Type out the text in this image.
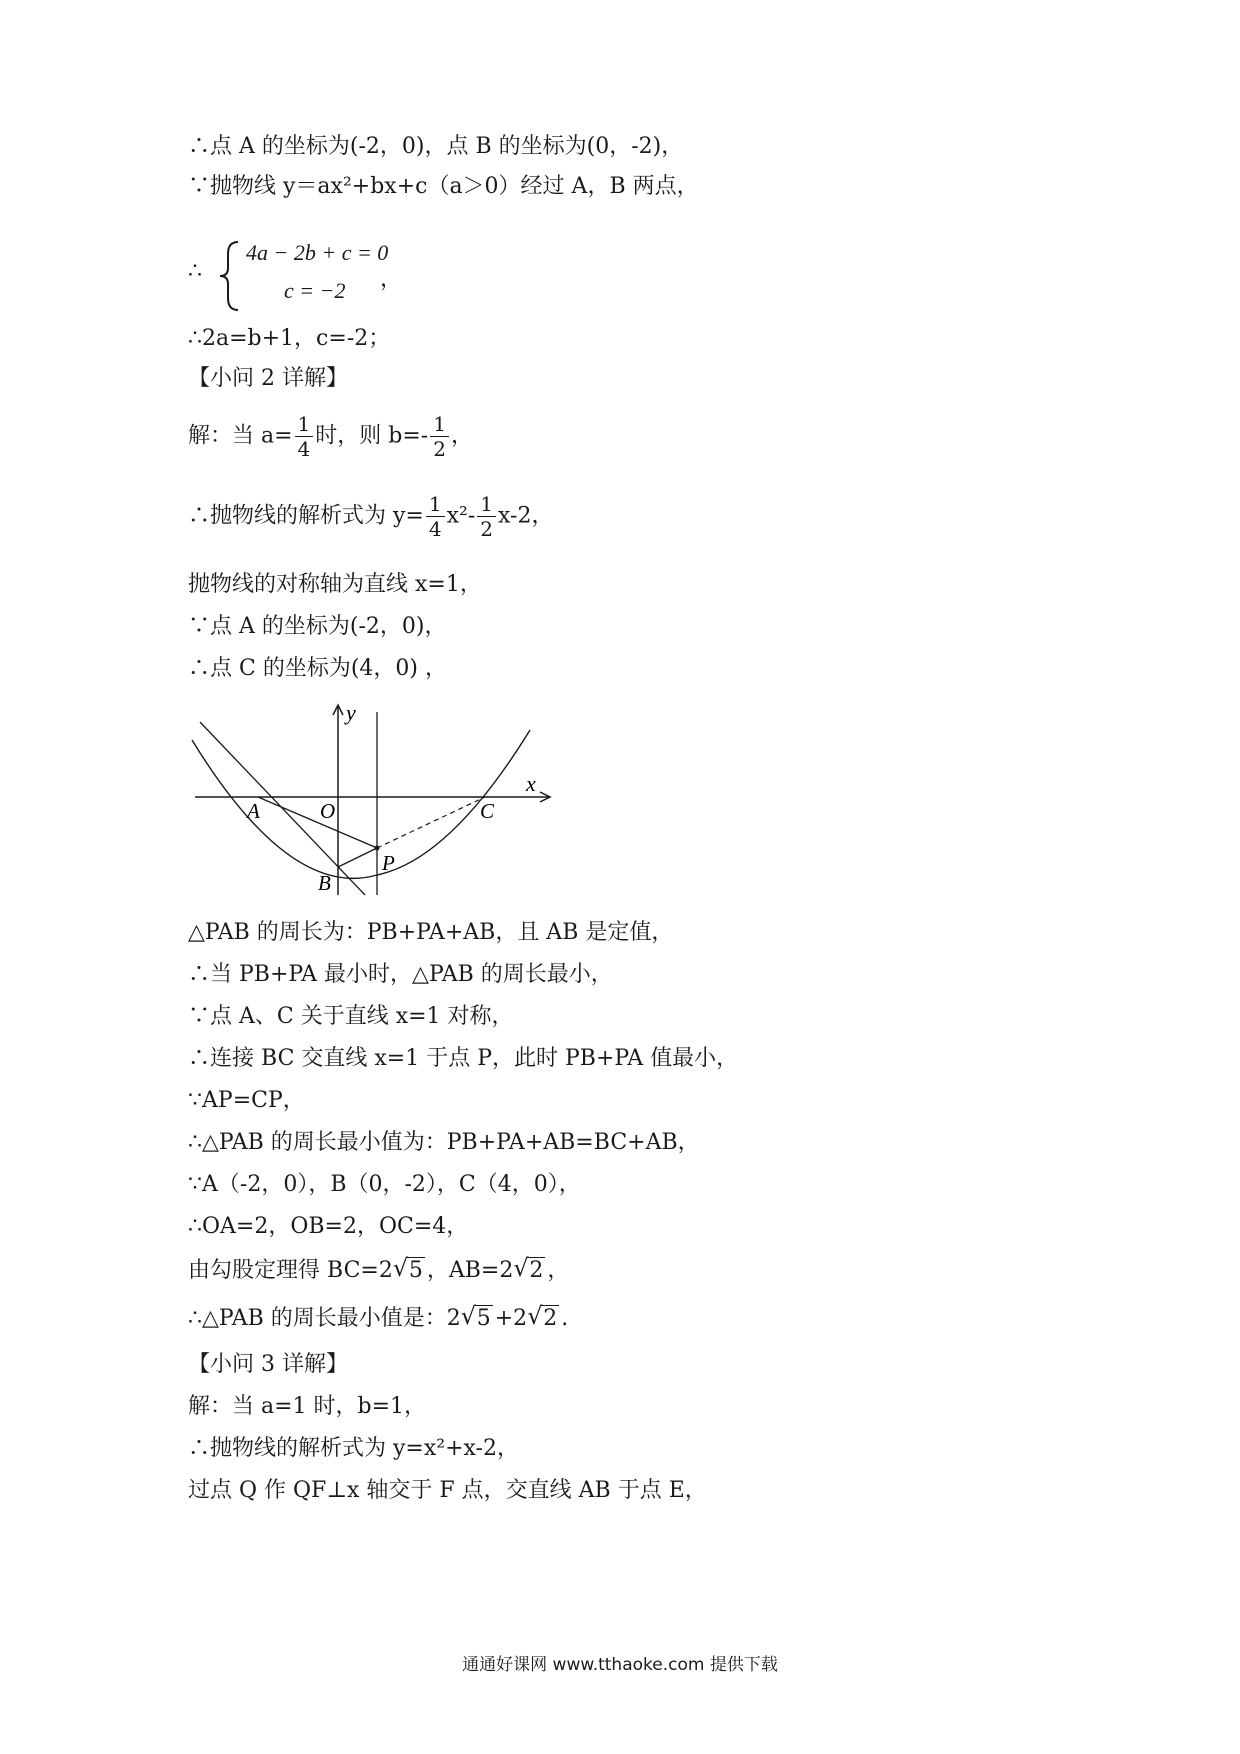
∴点 A 的坐标为(-2，0)，点 B 的坐标为(0，-2)，
∵抛物线 y＝ax²+bx+c（a＞0）经过 A，B 两点，
∴
4a − 2b + c = 0
c = −2 ，
∴2a=b+1，c=-2；
【小问 2 详解】
解：当 $a= \frac{1}{4}$ 时，则 $b=- \frac{1}{2}$ ，
∴抛物线的解析式为 $y= \frac{1}{4} x^2- \frac{1}{2} x-2$，
抛物线的对称轴为直线 x=1，
∵点 A 的坐标为(-2，0)，
∴点 C 的坐标为(4，0) ，
x
y
A	O	C
P
B
△PAB 的周长为：PB+PA+AB，且 AB 是定值，
∴当 PB+PA 最小时，△PAB 的周长最小，
∵点 A、C 关于直线 x=1 对称，
∴连接 BC 交直线 x=1 于点 P，此时 PB+PA 值最小，
∵AP=CP，
∴△PAB 的周长最小值为：PB+PA+AB=BC+AB，
∵A（-2，0），B（0，-2），C（4，0），
∴OA=2，OB=2，OC=4，
由勾股定理得 BC=2 √ 5 ，AB=2 √ 2 ，
∴△PAB 的周长最小值是：2 √ 5 +2 √ 2 .
【小问 3 详解】
解：当 a=1 时，b=1，
∴抛物线的解析式为 y=x²+x-2，
过点 Q 作 QF⊥x 轴交于 F 点，交直线 AB 于点 E，
通通好课网 www.tthaoke.com 提供下载
